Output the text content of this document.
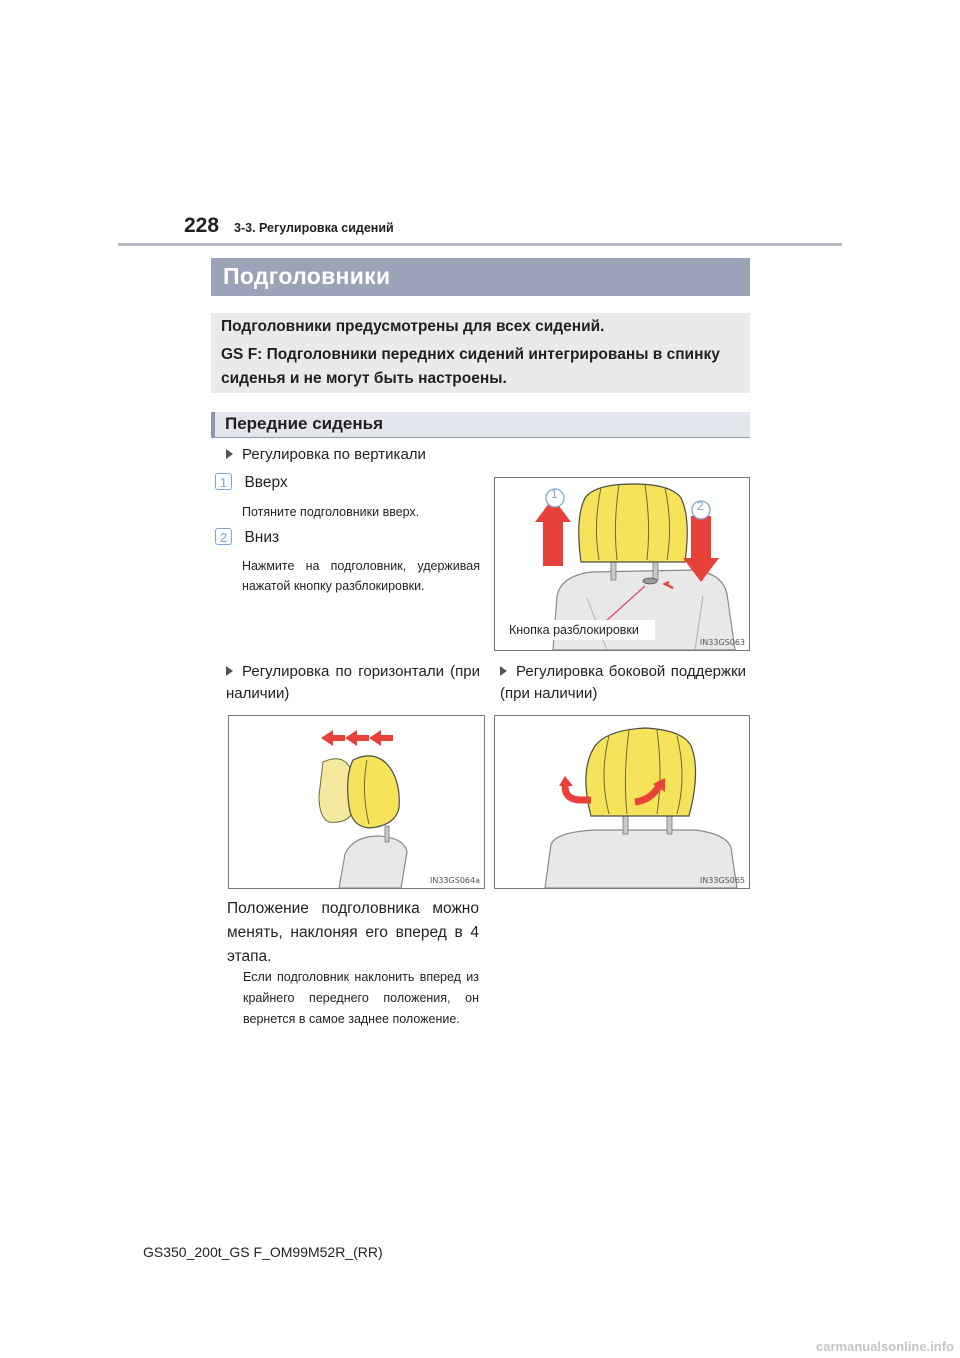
228 3-3. Регулировка сидений
Подголовники

Подголовники предусмотрены для всех сидений.

GS F: Подголовники передних сидений интегрированы в спинку сиденья и не могут быть настроены.

Передние сиденья
Регулировка по вертикали
1 Вверх
Потяните подголовники вверх.
2 Вниз
Нажмите на подголовник, удерживая нажатой кнопку разблокировки.
1
2
Кнопка разблокировки
IN33GS063
Регулировка по горизонтали (при наличии)
Регулировка боковой поддержки (при наличии)
IN33GS064a	IN33GS065
Положение подголовника можно менять, наклоняя его вперед в 4 этапа.
Если подголовник наклонить вперед из крайнего переднего положения, он вернется в самое заднее положение.
GS350_200t_GS F_OM99M52R_(RR)
carmanualsonline.info
